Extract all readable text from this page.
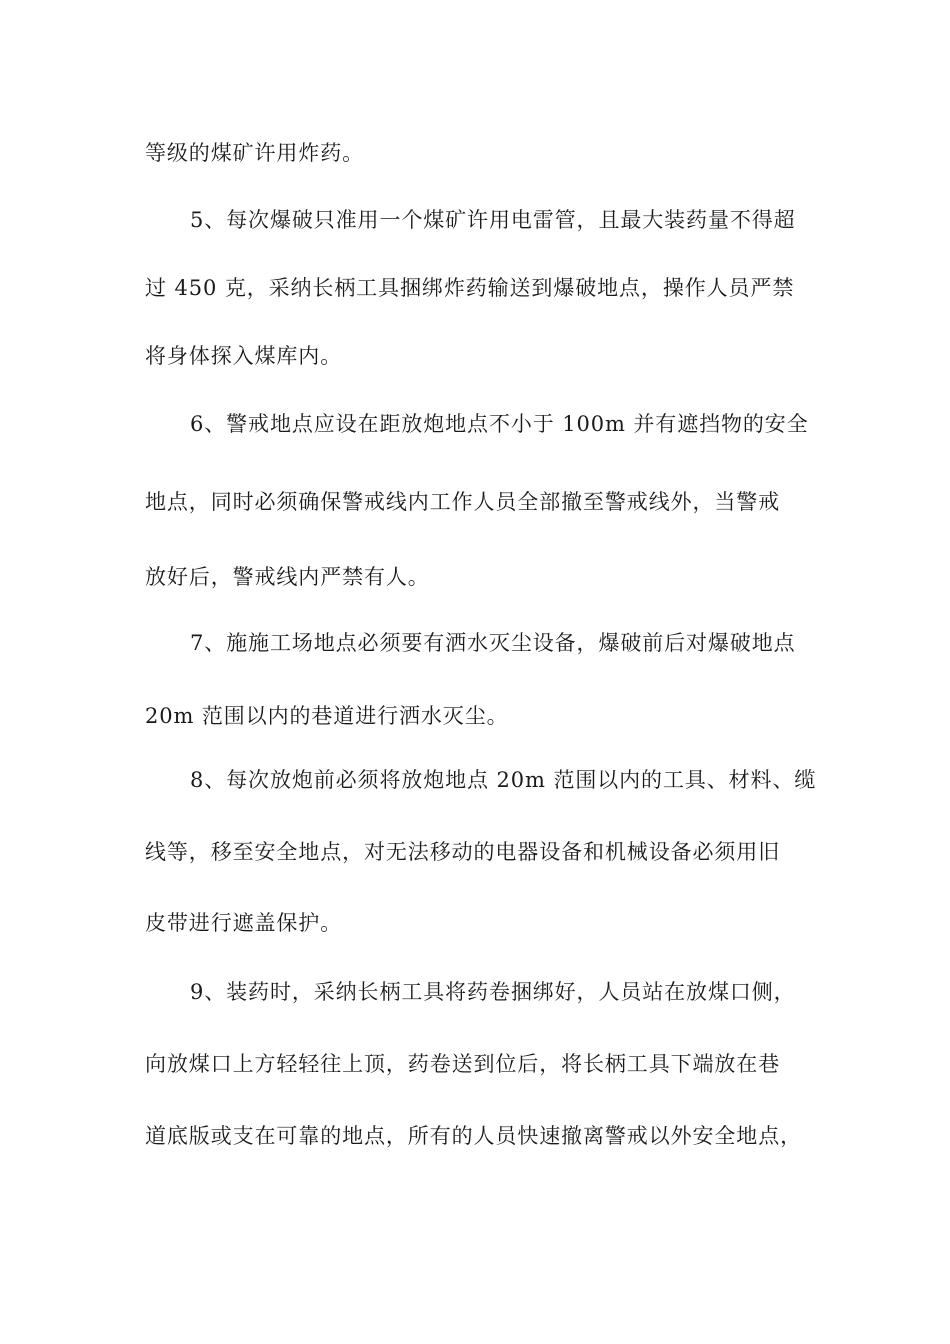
等级的煤矿许用炸药。
5、每次爆破只准用一个煤矿许用电雷管，且最大装药量不得超
过 450 克，采纳长柄工具捆绑炸药输送到爆破地点，操作人员严禁
将身体探入煤库内。
6、警戒地点应设在距放炮地点不小于 100m 并有遮挡物的安全
地点，同时必须确保警戒线内工作人员全部撤至警戒线外，当警戒
放好后，警戒线内严禁有人。
7、施施工场地点必须要有洒水灭尘设备，爆破前后对爆破地点
20m 范围以内的巷道进行洒水灭尘。
8、每次放炮前必须将放炮地点 20m 范围以内的工具、材料、缆
线等，移至安全地点，对无法移动的电器设备和机械设备必须用旧
皮带进行遮盖保护。
9、装药时，采纳长柄工具将药卷捆绑好，人员站在放煤口侧，
向放煤口上方轻轻往上顶，药卷送到位后，将长柄工具下端放在巷
道底版或支在可靠的地点，所有的人员快速撤离警戒以外安全地点，
